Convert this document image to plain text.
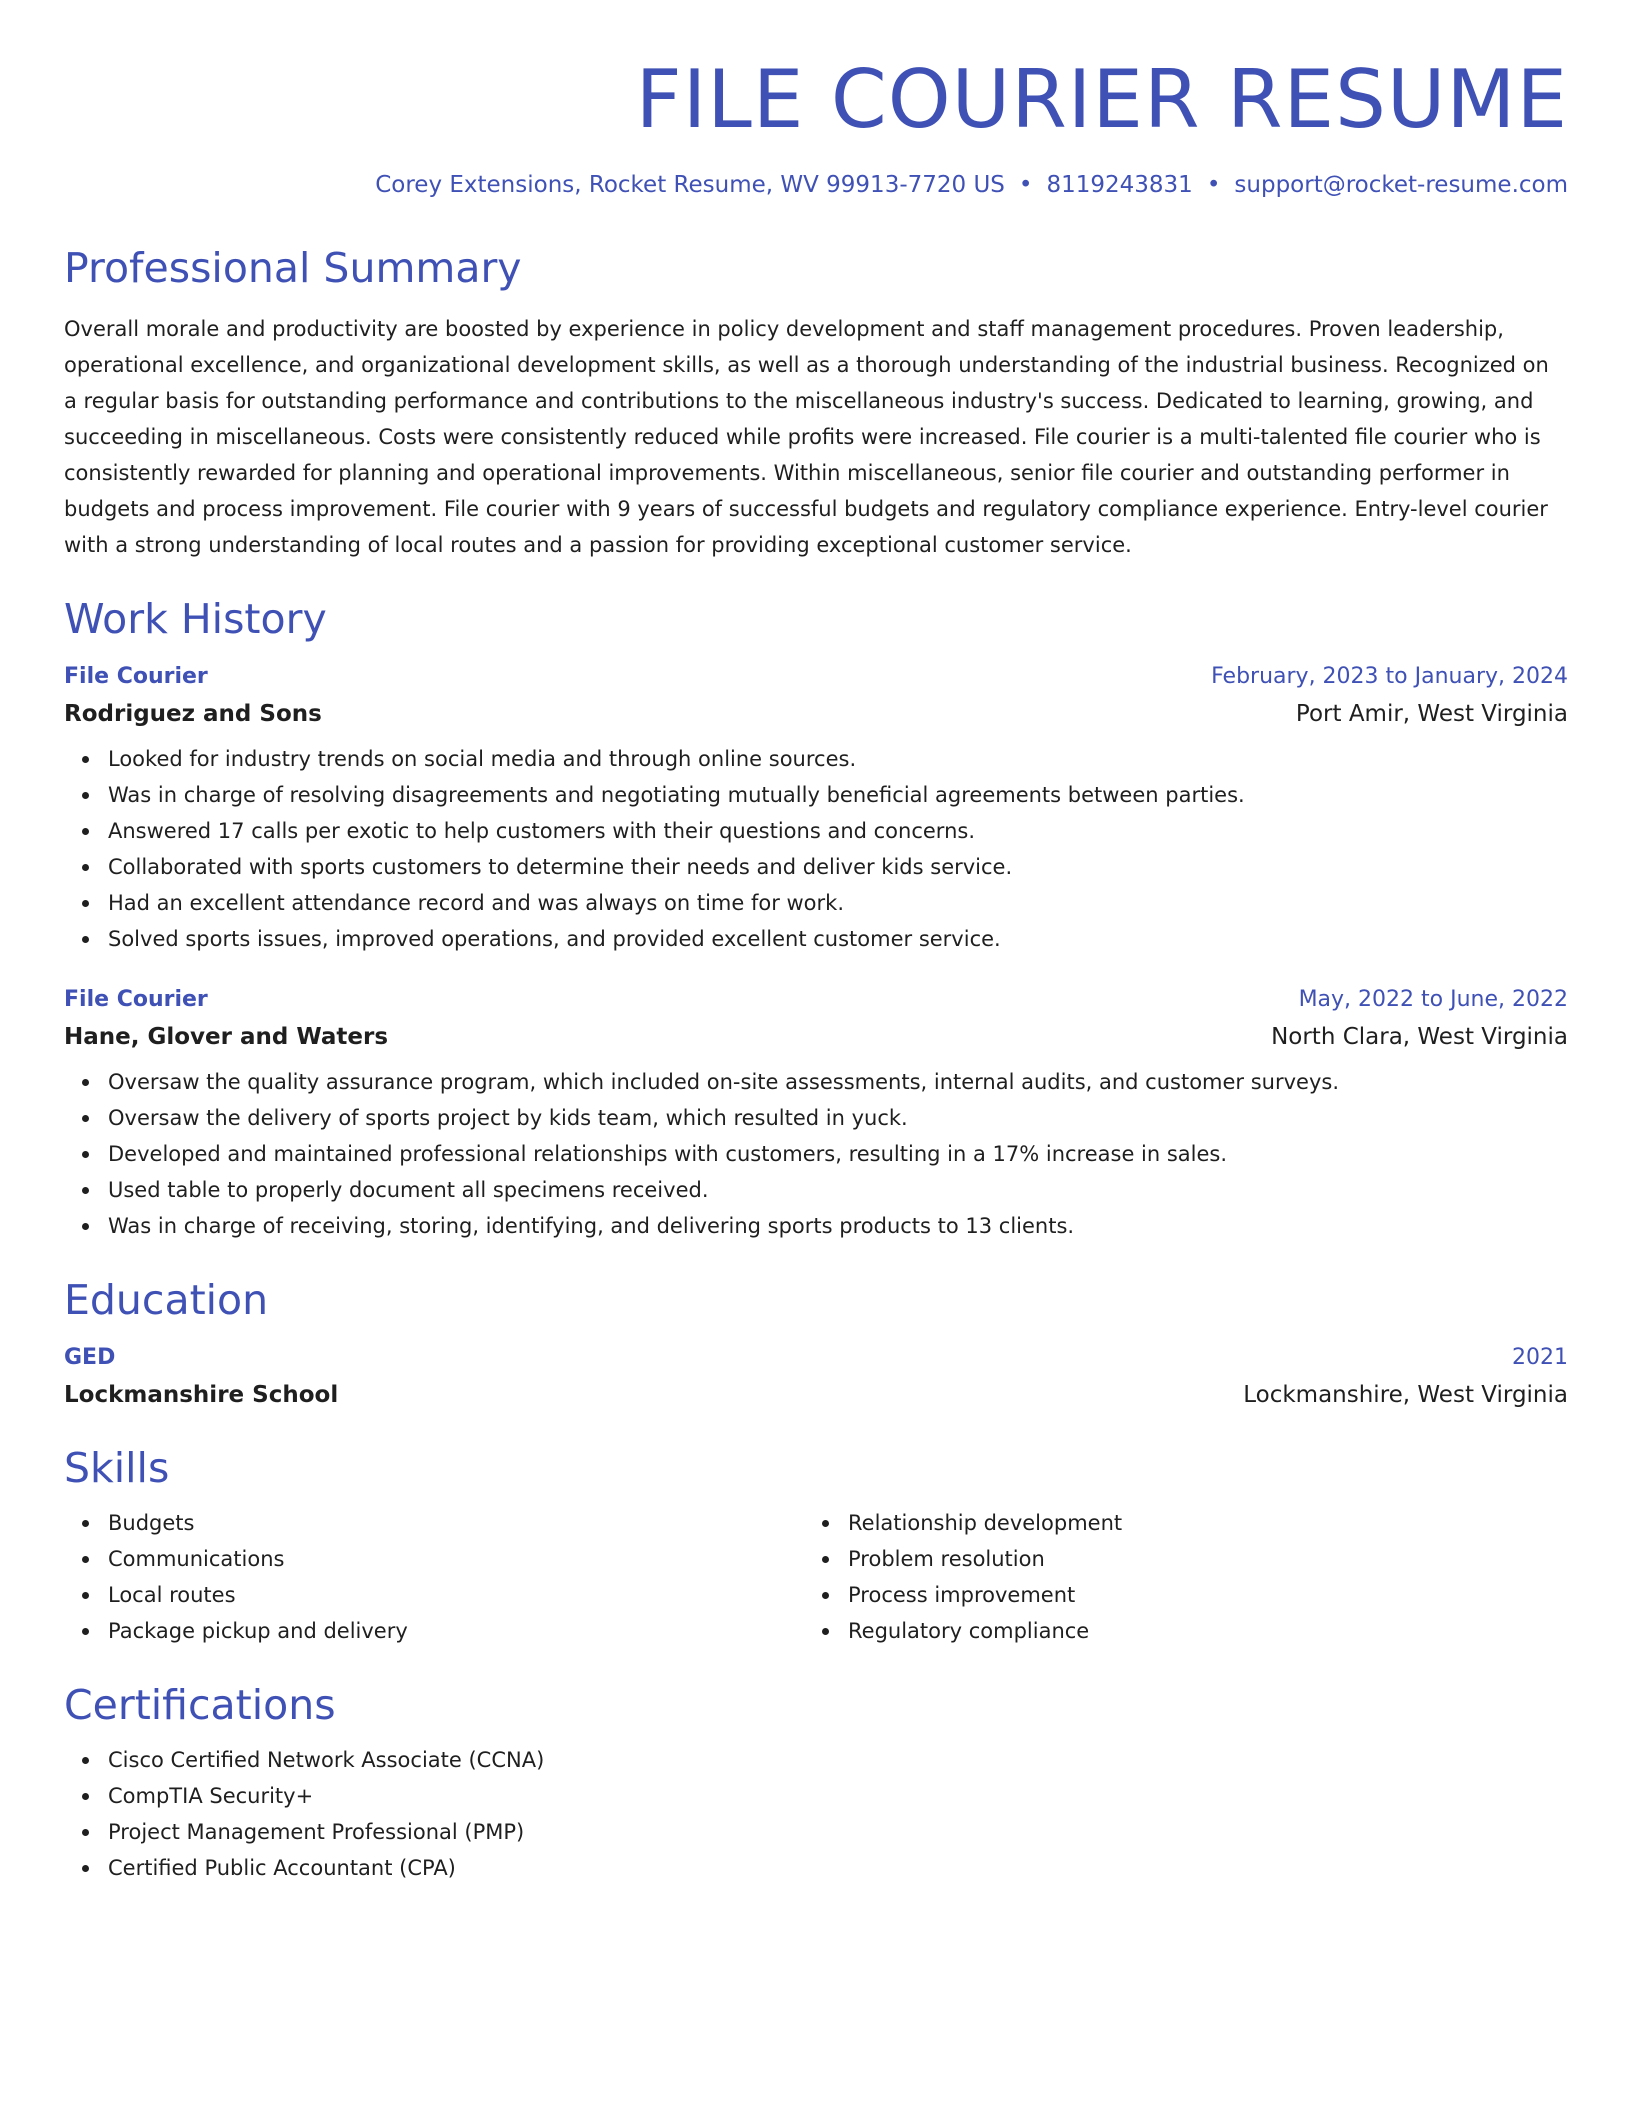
FILE COURIER RESUME
Corey Extensions, Rocket Resume, WV 99913-7720 US • 8119243831 • support@rocket-resume.com
Professional Summary

Overall morale and productivity are boosted by experience in policy development and staff management procedures. Proven leadership, operational excellence, and organizational development skills, as well as a thorough understanding of the industrial business. Recognized on a regular basis for outstanding performance and contributions to the miscellaneous industry's success. Dedicated to learning, growing, and succeeding in miscellaneous. Costs were consistently reduced while profits were increased. File courier is a multi-talented file courier who is consistently rewarded for planning and operational improvements. Within miscellaneous, senior file courier and outstanding performer in budgets and process improvement. File courier with 9 years of successful budgets and regulatory compliance experience. Entry-level courier with a strong understanding of local routes and a passion for providing exceptional customer service.

Work History
File Courier	February, 2023 to January, 2024
Rodriguez and Sons	Port Amir, West Virginia
Looked for industry trends on social media and through online sources.
Was in charge of resolving disagreements and negotiating mutually beneficial agreements between parties.
Answered 17 calls per exotic to help customers with their questions and concerns.
Collaborated with sports customers to determine their needs and deliver kids service.
Had an excellent attendance record and was always on time for work.
Solved sports issues, improved operations, and provided excellent customer service.
File Courier	May, 2022 to June, 2022
Hane, Glover and Waters	North Clara, West Virginia
Oversaw the quality assurance program, which included on-site assessments, internal audits, and customer surveys.
Oversaw the delivery of sports project by kids team, which resulted in yuck.
Developed and maintained professional relationships with customers, resulting in a 17% increase in sales.
Used table to properly document all specimens received.
Was in charge of receiving, storing, identifying, and delivering sports products to 13 clients.
Education
GED	2021
Lockmanshire School	Lockmanshire, West Virginia
Skills
Budgets
Communications
Local routes
Package pickup and delivery
Relationship development
Problem resolution
Process improvement
Regulatory compliance
Certifications
Cisco Certified Network Associate (CCNA)
CompTIA Security+
Project Management Professional (PMP)
Certified Public Accountant (CPA)
